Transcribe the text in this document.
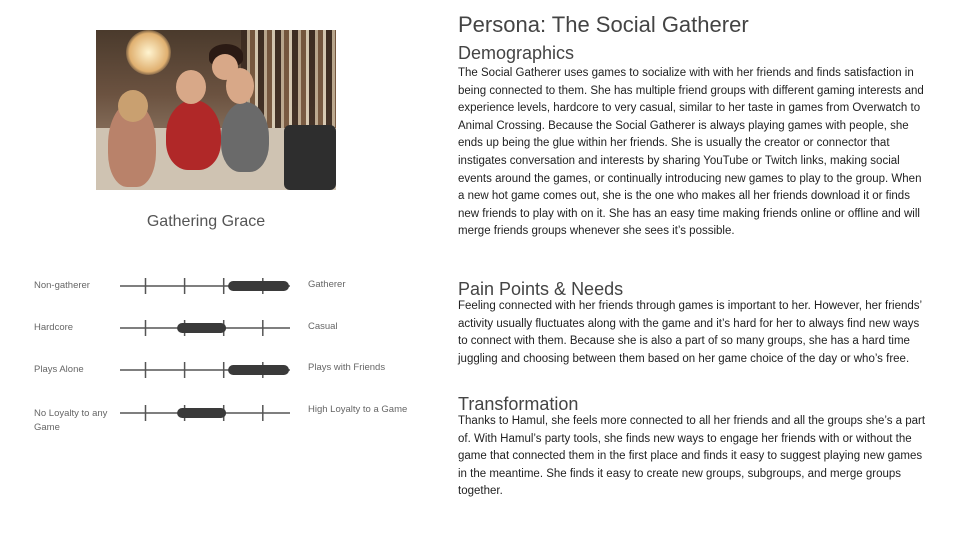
Gathering Grace
Non-gatherer	Gatherer
Hardcore	Casual
Plays Alone	Plays with Friends
No Loyalty to any Game
High Loyalty to a Game
Persona: The Social Gatherer
Demographics

The Social Gatherer uses games to socialize with with her friends and finds satisfaction in being connected to them. She has multiple friend groups with different gaming interests and experience levels, hardcore to very casual, similar to her taste in games from Overwatch to Animal Crossing. Because the Social Gatherer is always playing games with people, she ends up being the glue within her friends. She is usually the creator or connector that instigates conversation and interests by sharing YouTube or Twitch links, making social events around the games, or continually introducing new games to play to the group. When a new hot game comes out, she is the one who makes all her friends download it or finds new friends to play with on it. She has an easy time making friends online or offline and will merge friends groups whenever she sees it’s possible.

Pain Points & Needs

Feeling connected with her friends through games is important to her. However, her friends’ activity usually fluctuates along with the game and it’s hard for her to always find new ways to connect with them. Because she is also a part of so many groups, she has a hard time juggling and choosing between them based on her game choice of the day or who’s free.

Transformation

Thanks to Hamul, she feels more connected to all her friends and all the groups she’s a part of. With Hamul’s party tools, she finds new ways to engage her friends with or without the game that connected them in the first place and finds it easy to suggest playing new games in the meantime. She finds it easy to create new groups, subgroups, and merge groups together.
